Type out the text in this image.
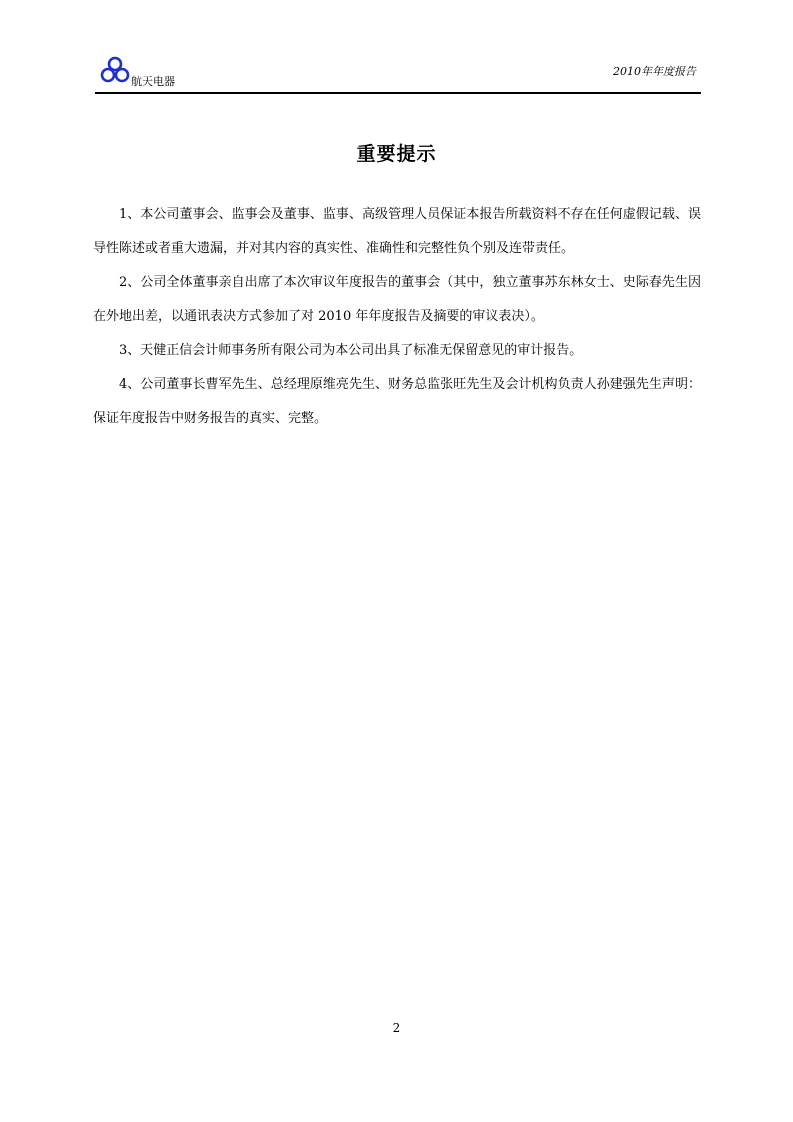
航天电器
2010年年度报告
重要提示

1、本公司董事会、监事会及董事、监事、高级管理人员保证本报告所载资料不存在任何虚假记载、误导性陈述或者重大遗漏，并对其内容的真实性、准确性和完整性负个别及连带责任。

2、公司全体董事亲自出席了本次审议年度报告的董事会（其中，独立董事苏东林女士、史际春先生因在外地出差，以通讯表决方式参加了对 2010 年年度报告及摘要的审议表决）。

3、天健正信会计师事务所有限公司为本公司出具了标准无保留意见的审计报告。

4、公司董事长曹军先生、总经理原维亮先生、财务总监张旺先生及会计机构负责人孙建强先生声明：保证年度报告中财务报告的真实、完整。

2
